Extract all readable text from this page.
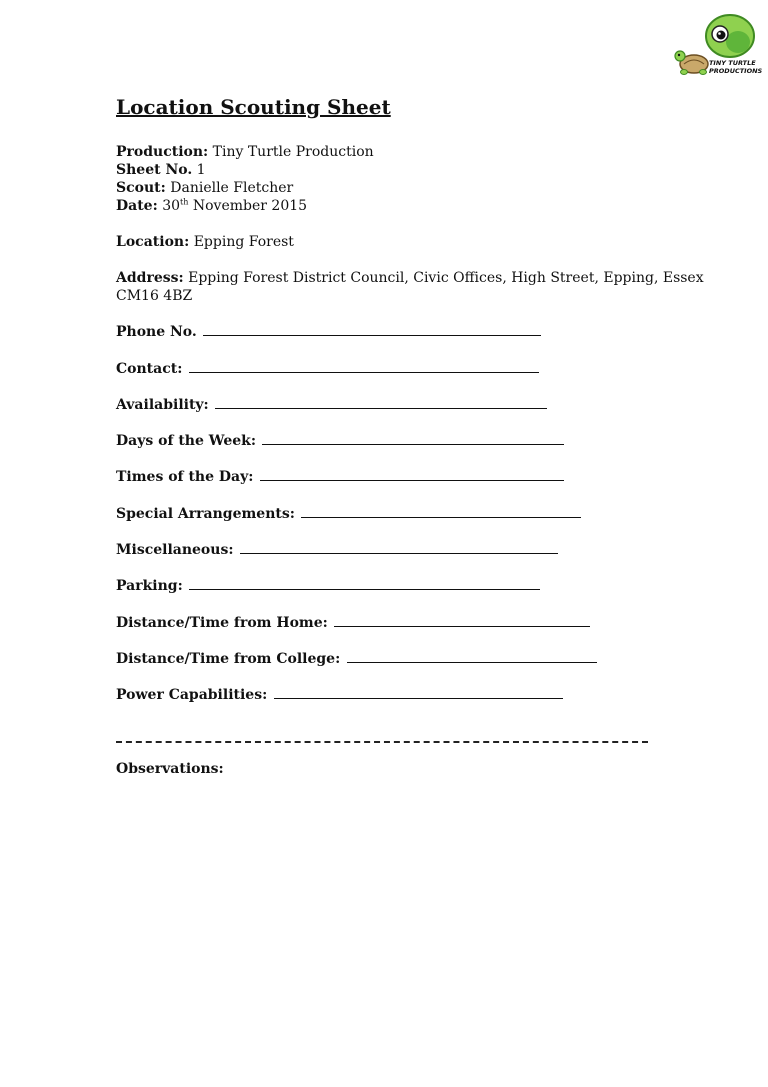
TINY TURTLE
PRODUCTIONS
Location Scouting Sheet
Production: Tiny Turtle Production
Sheet No. 1
Scout: Danielle Fletcher
Date: 30th November 2015
Location: Epping Forest
Address: Epping Forest District Council, Civic Offices, High Street, Epping, Essex
CM16 4BZ
Phone No.
Contact:
Availability:
Days of the Week:
Times of the Day:
Special Arrangements:
Miscellaneous:
Parking:
Distance/Time from Home:
Distance/Time from College:
Power Capabilities:
Observations:
